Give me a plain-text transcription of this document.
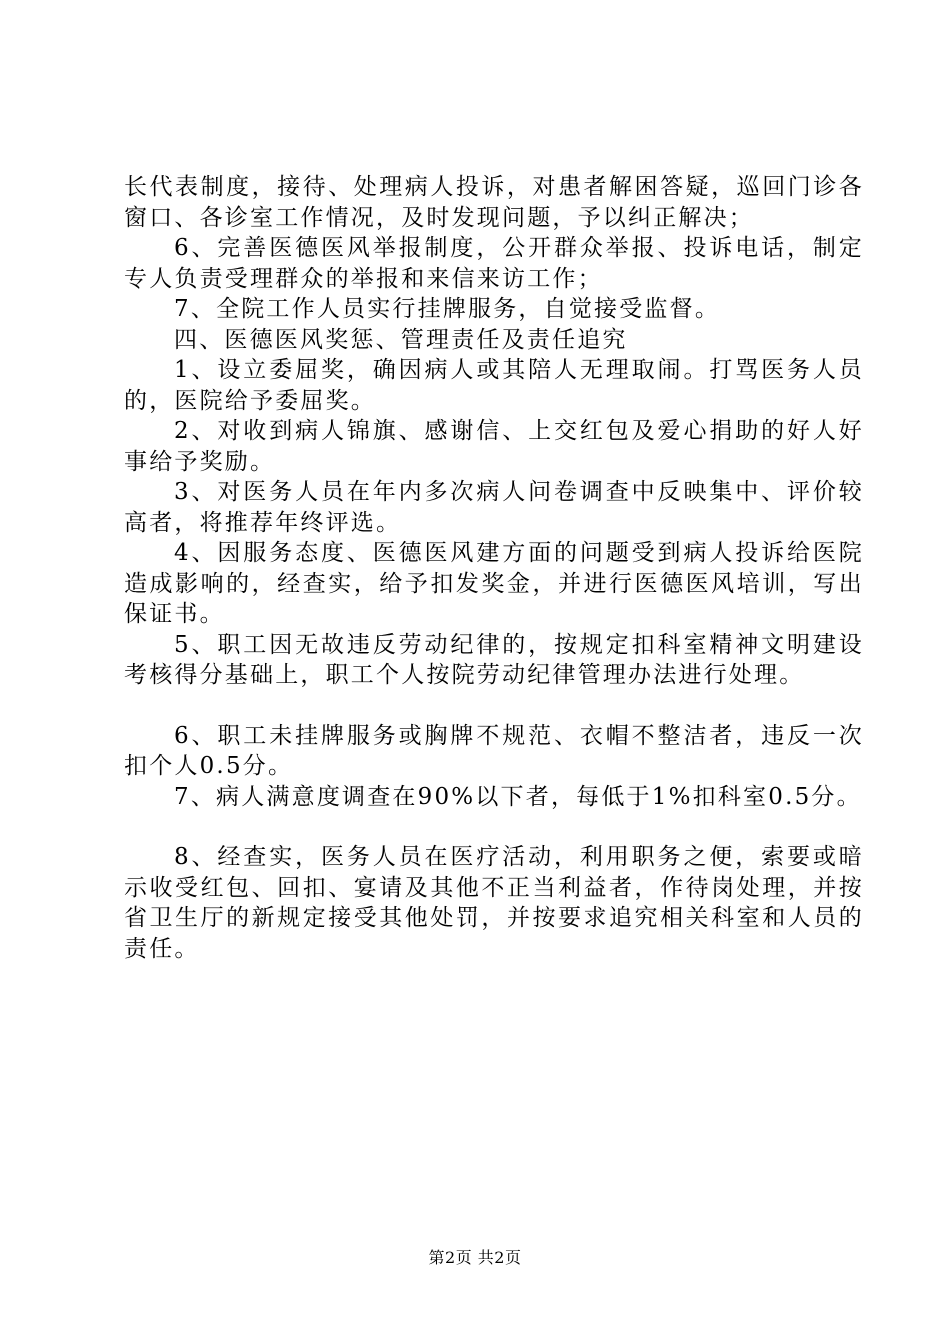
长代表制度，接待、处理病人投诉，对患者解困答疑，巡回门诊各窗口、各诊室工作情况，及时发现问题，予以纠正解决；

6、完善医德医风举报制度，公开群众举报、投诉电话，制定专人负责受理群众的举报和来信来访工作；

7、全院工作人员实行挂牌服务，自觉接受监督。

四、医德医风奖惩、管理责任及责任追究

1、设立委屈奖，确因病人或其陪人无理取闹。打骂医务人员的，医院给予委屈奖。

2、对收到病人锦旗、感谢信、上交红包及爱心捐助的好人好事给予奖励。

3、对医务人员在年内多次病人问卷调查中反映集中、评价较高者，将推荐年终评选。

4、因服务态度、医德医风建方面的问题受到病人投诉给医院造成影响的，经查实，给予扣发奖金，并进行医德医风培训，写出保证书。

5、职工因无故违反劳动纪律的，按规定扣科室精神文明建设考核得分基础上，职工个人按院劳动纪律管理办法进行处理。

6、职工未挂牌服务或胸牌不规范、衣帽不整洁者，违反一次扣个人0.5分。

7、病人满意度调查在90%以下者，每低于1%扣科室0.5分。

8、经查实，医务人员在医疗活动，利用职务之便，索要或暗示收受红包、回扣、宴请及其他不正当利益者，作待岗处理，并按省卫生厅的新规定接受其他处罚，并按要求追究相关科室和人员的责任。

第2页 共2页
